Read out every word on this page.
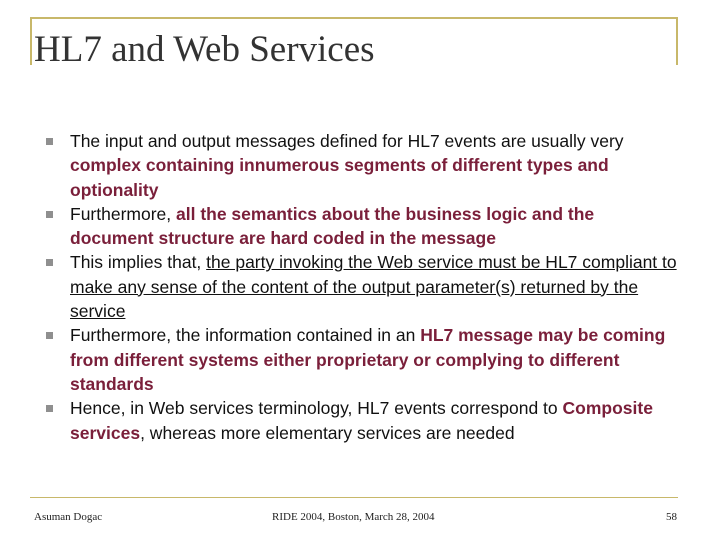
HL7 and Web Services
The input and output messages defined for HL7 events are usually very complex containing innumerous segments of different types and optionality
Furthermore, all the semantics about the business logic and the document structure are hard coded in the message
This implies that, the party invoking the Web service must be HL7 compliant to make any sense of the content of the output parameter(s) returned by the service
Furthermore, the information contained in an HL7 message may be coming from different systems either proprietary or complying to different standards
Hence, in Web services terminology, HL7 events correspond to Composite services, whereas more elementary services are needed
Asuman Dogac	RIDE 2004, Boston, March 28, 2004	58
